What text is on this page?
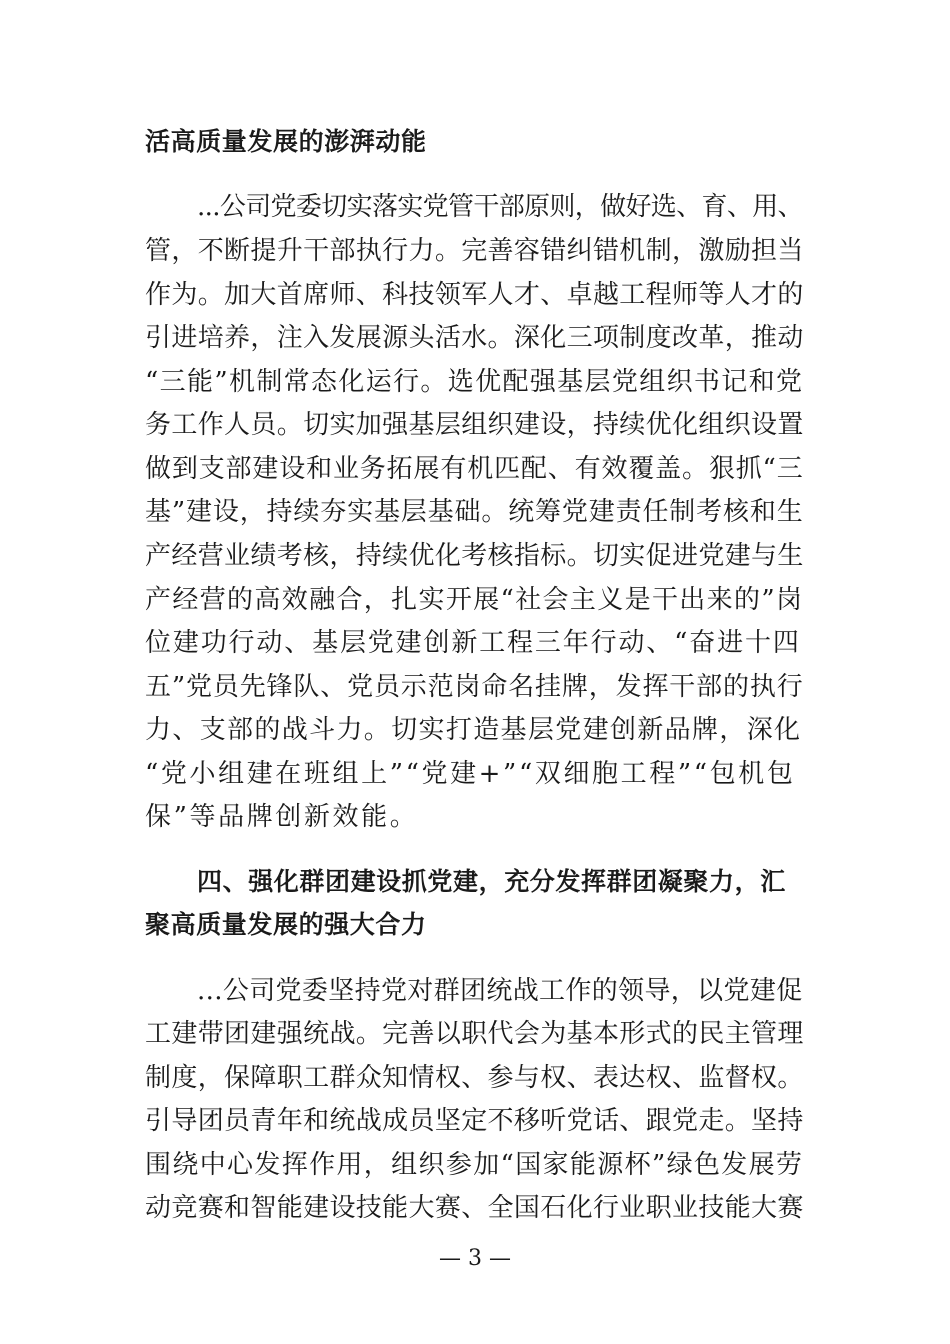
活高质量发展的澎湃动能
...公司党委切实落实党管干部原则，做好选、育、用、
管，不断提升干部执行力。完善容错纠错机制，激励担当
作为。加大首席师、科技领军人才、卓越工程师等人才的
引进培养，注入发展源头活水。深化三项制度改革，推动
“三能”机制常态化运行。选优配强基层党组织书记和党
务工作人员。切实加强基层组织建设，持续优化组织设置
做到支部建设和业务拓展有机匹配、有效覆盖。狠抓“三
基”建设，持续夯实基层基础。统筹党建责任制考核和生
产经营业绩考核，持续优化考核指标。切实促进党建与生
产经营的高效融合，扎实开展“社会主义是干出来的”岗
位建功行动、基层党建创新工程三年行动、“奋进十四
五”党员先锋队、党员示范岗命名挂牌，发挥干部的执行
力、支部的战斗力。切实打造基层党建创新品牌，深化
“党小组建在班组上”“党建+”“双细胞工程”“包机包
保”等品牌创新效能。
四、强化群团建设抓党建，充分发挥群团凝聚力，汇
聚高质量发展的强大合力
...公司党委坚持党对群团统战工作的领导，以党建促
工建带团建强统战。完善以职代会为基本形式的民主管理
制度，保障职工群众知情权、参与权、表达权、监督权。
引导团员青年和统战成员坚定不移听党话、跟党走。坚持
围绕中心发挥作用，组织参加“国家能源杯”绿色发展劳
动竞赛和智能建设技能大赛、全国石化行业职业技能大赛
— 3 —
